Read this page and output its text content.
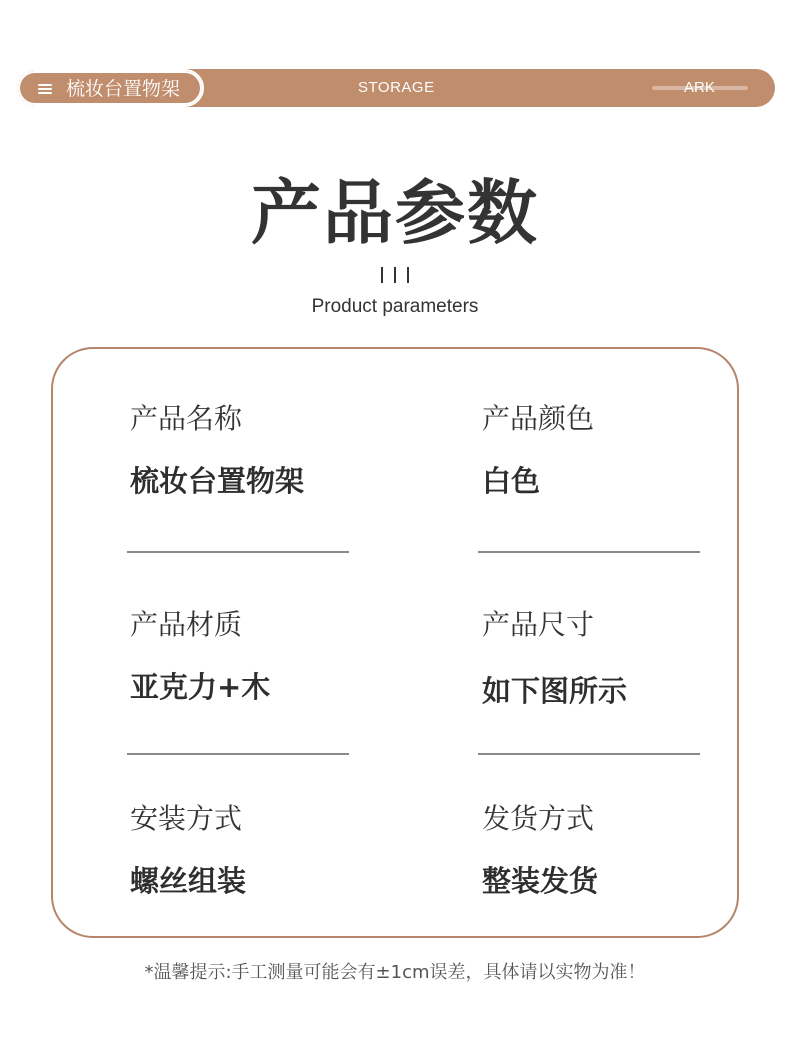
梳妆台置物架	STORAGE	ARK
产品参数
Product parameters
产品名称
梳妆台置物架
产品颜色
白色
产品材质
亚克力+木
产品尺寸
如下图所示
安装方式
螺丝组装
发货方式
整装发货
*温馨提示:手工测量可能会有±1cm误差，具体请以实物为准！
